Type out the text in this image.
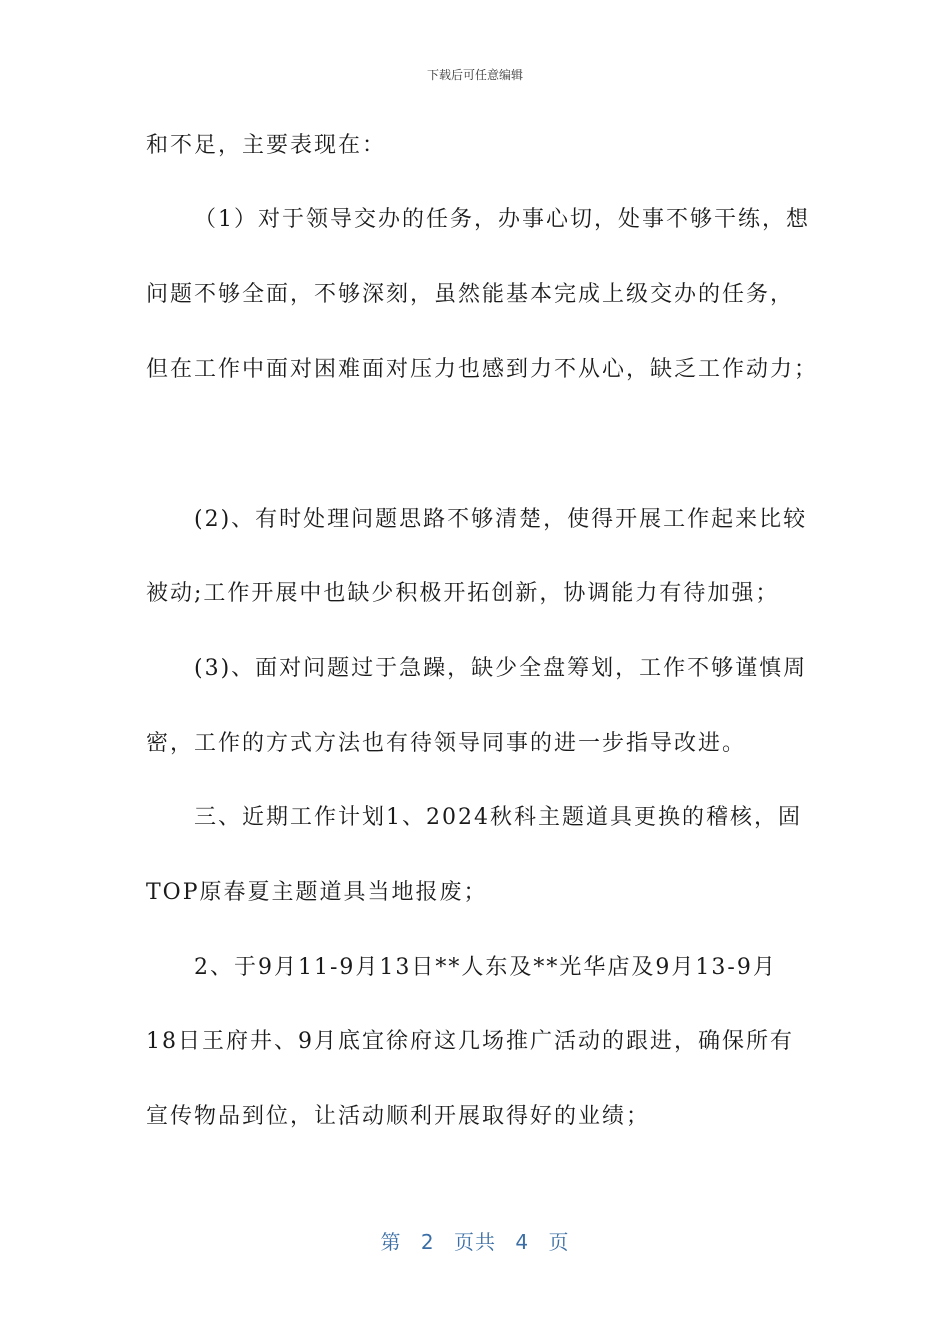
下载后可任意编辑
和不足，主要表现在：
（1）对于领导交办的任务，办事心切，处事不够干练，想
问题不够全面，不够深刻，虽然能基本完成上级交办的任务，
但在工作中面对困难面对压力也感到力不从心，缺乏工作动力；
(2)、有时处理问题思路不够清楚，使得开展工作起来比较
被动;工作开展中也缺少积极开拓创新，协调能力有待加强；
(3)、面对问题过于急躁，缺少全盘筹划，工作不够谨慎周
密，工作的方式方法也有待领导同事的进一步指导改进。
三、近期工作计划1、2024秋科主题道具更换的稽核，固
TOP原春夏主题道具当地报废；
2、于9月11-9月13日**人东及**光华店及9月13-9月
18日王府井、9月底宜徐府这几场推广活动的跟进，确保所有
宣传物品到位，让活动顺利开展取得好的业绩；
第 2 页共 4 页
